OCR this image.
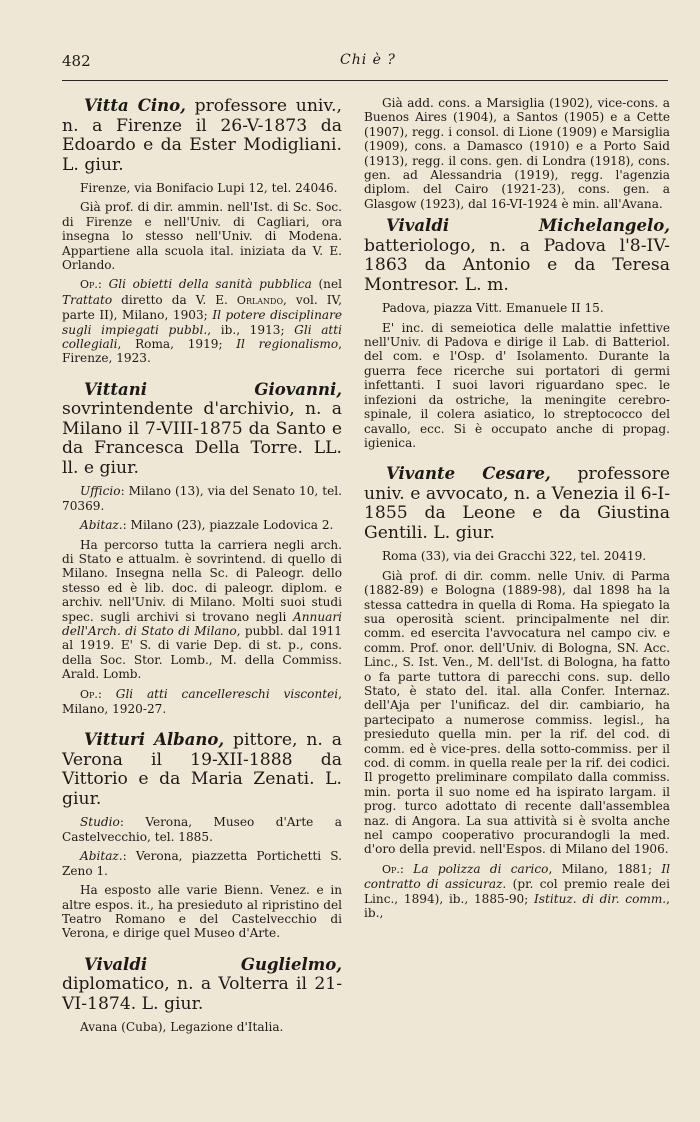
482	Chi è ?
Vitta Cino, professore univ., n. a Firenze il 26-V-1873 da Edoardo e da Ester Modigliani. L. giur.
Firenze, via Bonifacio Lupi 12, tel. 24046.
Già prof. di dir. ammin. nell'Ist. di Sc. Soc. di Firenze e nell'Univ. di Cagliari, ora insegna lo stesso nell'Univ. di Modena. Appartiene alla scuola ital. iniziata da V. E. Orlando.
Op.: Gli obietti della sanità pubblica (nel Trattato diretto da V. E. Orlando, vol. IV, parte II), Milano, 1903; Il potere disciplinare sugli impiegati pubbl., ib., 1913; Gli atti collegiali, Roma, 1919; Il regionalismo, Firenze, 1923.
Vittani Giovanni, sovrintendente d'archivio, n. a Milano il 7-VIII-1875 da Santo e da Francesca Della Torre. LL. ll. e giur.
Ufficio: Milano (13), via del Senato 10, tel. 70369.
Abitaz.: Milano (23), piazzale Lodovica 2.
Ha percorso tutta la carriera negli arch. di Stato e attualm. è sovrintend. di quello di Milano. Insegna nella Sc. di Paleogr. dello stesso ed è lib. doc. di paleogr. diplom. e archiv. nell'Univ. di Milano. Molti suoi studi spec. sugli archivi si trovano negli Annuari dell'Arch. di Stato di Milano, pubbl. dal 1911 al 1919. E' S. di varie Dep. di st. p., cons. della Soc. Stor. Lomb., M. della Commiss. Arald. Lomb.
Op.: Gli atti cancellereschi viscontei, Milano, 1920-27.
Vitturi Albano, pittore, n. a Verona il 19-XII-1888 da Vittorio e da Maria Zenati. L. giur.
Studio: Verona, Museo d'Arte a Castelvecchio, tel. 1885.
Abitaz.: Verona, piazzetta Portichetti S. Zeno 1.
Ha esposto alle varie Bienn. Venez. e in altre espos. it., ha presieduto al ripristino del Teatro Romano e del Castelvecchio di Verona, e dirige quel Museo d'Arte.
Vivaldi Guglielmo, diplomatico, n. a Volterra il 21-VI-1874. L. giur.
Avana (Cuba), Legazione d'Italia.
Già add. cons. a Marsiglia (1902), vice-cons. a Buenos Aires (1904), a Santos (1905) e a Cette (1907), regg. i consol. di Lione (1909) e Marsiglia (1909), cons. a Damasco (1910) e a Porto Said (1913), regg. il cons. gen. di Londra (1918), cons. gen. ad Alessandria (1919), regg. l'agenzia diplom. del Cairo (1921-23), cons. gen. a Glasgow (1923), dal 16-VI-1924 è min. all'Avana.
Vivaldi Michelangelo, batteriologo, n. a Padova l'8-IV-1863 da Antonio e da Teresa Montresor. L. m.
Padova, piazza Vitt. Emanuele II 15.
E' inc. di semeiotica delle malattie infettive nell'Univ. di Padova e dirige il Lab. di Batteriol. del com. e l'Osp. d' Isolamento. Durante la guerra fece ricerche sui portatori di germi infettanti. I suoi lavori riguardano spec. le infezioni da ostriche, la meningite cerebro-spinale, il colera asiatico, lo streptococco del cavallo, ecc. Si è occupato anche di propag. igienica.
Vivante Cesare, professore univ. e avvocato, n. a Venezia il 6-I-1855 da Leone e da Giustina Gentili. L. giur.
Roma (33), via dei Gracchi 322, tel. 20419.
Già prof. di dir. comm. nelle Univ. di Parma (1882-89) e Bologna (1889-98), dal 1898 ha la stessa cattedra in quella di Roma. Ha spiegato la sua operosità scient. principalmente nel dir. comm. ed esercita l'avvocatura nel campo civ. e comm. Prof. onor. dell'Univ. di Bologna, SN. Acc. Linc., S. Ist. Ven., M. dell'Ist. di Bologna, ha fatto o fa parte tuttora di parecchi cons. sup. dello Stato, è stato del. ital. alla Confer. Internaz. dell'Aja per l'unificaz. del dir. cambiario, ha partecipato a numerose commiss. legisl., ha presieduto quella min. per la rif. del cod. di comm. ed è vice-pres. della sotto-commiss. per il cod. di comm. in quella reale per la rif. dei codici. Il progetto preliminare compilato dalla commiss. min. porta il suo nome ed ha ispirato largam. il prog. turco adottato di recente dall'assemblea naz. di Angora. La sua attività si è svolta anche nel campo cooperativo procurandogli la med. d'oro della previd. nell'Espos. di Milano del 1906.
Op.: La polizza di carico, Milano, 1881; Il contratto di assicuraz. (pr. col premio reale dei Linc., 1894), ib., 1885-90; Istituz. di dir. comm., ib.,
